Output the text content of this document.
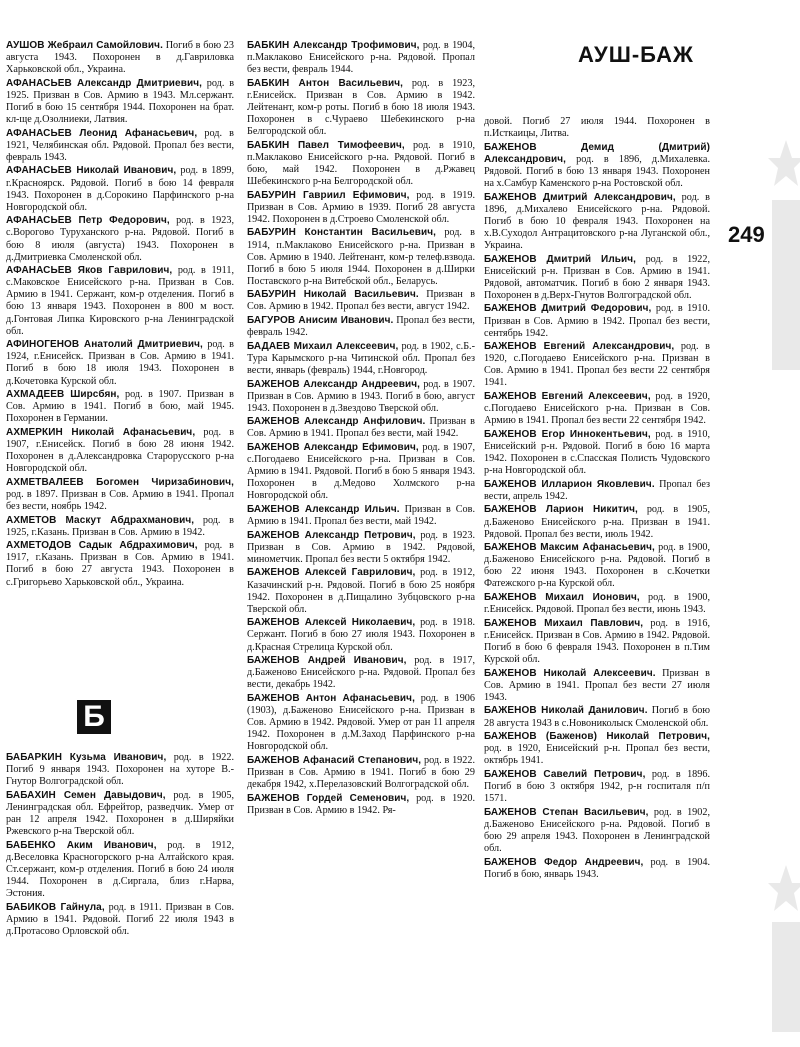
АУШ-БАЖ
249
АУШОВ Жебраил Самойлович. Погиб в бою 23 августа 1943. Похоронен в д.Гавриловка Харьковской обл., Украина.
АФАНАСЬЕВ Александр Дмитриевич, род. в 1925. Призван в Сов. Армию в 1943. Мл.сержант. Погиб в бою 15 сентября 1944. Похоронен на брат. кл-ще д.Озолниеки, Латвия.
АФАНАСЬЕВ Леонид Афанасьевич, род. в 1921, Челябинская обл. Рядовой. Пропал без вести, февраль 1943.
АФАНАСЬЕВ Николай Иванович, род. в 1899, г.Красноярск. Рядовой. Погиб в бою 14 февраля 1943. Похоронен в д.Сорокино Парфинского р-на Новгородской обл.
АФАНАСЬЕВ Петр Федорович, род. в 1923, с.Ворогово Туруханского р-на. Рядовой. Погиб в бою 8 июля (августа) 1943. Похоронен в д.Дмитриевка Смоленской обл.
АФАНАСЬЕВ Яков Гаврилович, род. в 1911, с.Маковское Енисейского р-на. Призван в Сов. Армию в 1941. Сержант, ком-р отделения. Погиб в бою 13 января 1943. Похоронен в 800 м вост. д.Гонтовая Липка Кировского р-на Ленинградской обл.
АФИНОГЕНОВ Анатолий Дмитриевич, род. в 1924, г.Енисейск. Призван в Сов. Армию в 1941. Погиб в бою 18 июля 1943. Похоронен в д.Кочетовка Курской обл.
АХМАДЕЕВ Ширсбян, род. в 1907. Призван в Сов. Армию в 1941. Погиб в бою, май 1945. Похоронен в Германии.
АХМЕРКИН Николай Афанасьевич, род. в 1907, г.Енисейск. Погиб в бою 28 июня 1942. Похоронен в д.Александровка Старорусского р-на Новгородской обл.
АХМЕТВАЛЕЕВ Богомен Чиризабинович, род. в 1897. Призван в Сов. Армию в 1941. Пропал без вести, ноябрь 1942.
АХМЕТОВ Маскут Абдрахманович, род. в 1925, г.Казань. Призван в Сов. Армию в 1942.
АХМЕТОДОВ Садык Абдрахимович, род. в 1917, г.Казань. Призван в Сов. Армию в 1941. Погиб в бою 27 августа 1943. Похоронен в с.Григорьево Харьковской обл., Украина.
Б
БАБАРКИН Кузьма Иванович, род. в 1922. Погиб 9 января 1943. Похоронен на хуторе В.-Гнутор Волгоградской обл.
БАБАХИН Семен Давыдович, род. в 1905, Ленинградская обл. Ефрейтор, разведчик. Умер от ран 12 апреля 1942. Похоронен в д.Ширяйки Ржевского р-на Тверской обл.
БАБЕНКО Аким Иванович, род. в 1912, д.Веселовка Красногорского р-на Алтайского края. Ст.сержант, ком-р отделения. Погиб в бою 24 июля 1944. Похоронен в д.Сиргала, близ г.Нарва, Эстония.
БАБИКОВ Гайнула, род. в 1911. Призван в Сов. Армию в 1941. Рядовой. Погиб 22 июля 1943 в д.Протасово Орловской обл.
БАБКИН Александр Трофимович, род. в 1904, п.Маклаково Енисейского р-на. Рядовой. Пропал без вести, февраль 1944.
БАБКИН Антон Васильевич, род. в 1923, г.Енисейск. Призван в Сов. Армию в 1942. Лейтенант, ком-р роты. Погиб в бою 18 июля 1943. Похоронен в с.Чураево Шебекинского р-на Белгородской обл.
БАБКИН Павел Тимофеевич, род. в 1910, п.Маклаково Енисейского р-на. Рядовой. Погиб в бою, май 1942. Похоронен в д.Ржавец Шебекинского р-на Белгородской обл.
БАБУРИН Гавриил Ефимович, род. в 1919. Призван в Сов. Армию в 1939. Погиб 28 августа 1942. Похоронен в д.Строево Смоленской обл.
БАБУРИН Константин Васильевич, род. в 1914, п.Маклаково Енисейского р-на. Призван в Сов. Армию в 1940. Лейтенант, ком-р телеф.взвода. Погиб в бою 5 июля 1944. Похоронен в д.Ширки Поставского р-на Витебской обл., Беларусь.
БАБУРИН Николай Васильевич. Призван в Сов. Армию в 1942. Пропал без вести, август 1942.
БАГУРОВ Анисим Иванович. Пропал без вести, февраль 1942.
БАДАЕВ Михаил Алексеевич, род. в 1902, с.Б.-Тура Карымского р-на Читинской обл. Пропал без вести, январь (февраль) 1944, г.Новгород.
БАЖЕНОВ Александр Андреевич, род. в 1907. Призван в Сов. Армию в 1943. Погиб в бою, август 1943. Похоронен в д.Звездово Тверской обл.
БАЖЕНОВ Александр Анфилович. Призван в Сов. Армию в 1941. Пропал без вести, май 1942.
БАЖЕНОВ Александр Ефимович, род. в 1907, с.Погодаево Енисейского р-на. Призван в Сов. Армию в 1941. Рядовой. Погиб в бою 5 января 1943. Похоронен в д.Медово Холмского р-на Новгородской обл.
БАЖЕНОВ Александр Ильич. Призван в Сов. Армию в 1941. Пропал без вести, май 1942.
БАЖЕНОВ Александр Петрович, род. в 1923. Призван в Сов. Армию в 1942. Рядовой, минометчик. Пропал без вести 5 октября 1942.
БАЖЕНОВ Алексей Гаврилович, род. в 1912, Казачинский р-н. Рядовой. Погиб в бою 25 ноября 1942. Похоронен в д.Пищалино Зубцовского р-на Тверской обл.
БАЖЕНОВ Алексей Николаевич, род. в 1918. Сержант. Погиб в бою 27 июля 1943. Похоронен в д.Красная Стрелица Курской обл.
БАЖЕНОВ Андрей Иванович, род. в 1917, д.Баженово Енисейского р-на. Рядовой. Пропал без вести, декабрь 1942.
БАЖЕНОВ Антон Афанасьевич, род. в 1906 (1903), д.Баженово Енисейского р-на. Призван в Сов. Армию в 1942. Рядовой. Умер от ран 11 апреля 1942. Похоронен в д.М.Заход Парфинского р-на Новгородской обл.
БАЖЕНОВ Афанасий Степанович, род. в 1922. Призван в Сов. Армию в 1941. Погиб в бою 29 декабря 1942, х.Перелазовский Волгоградской обл.
БАЖЕНОВ Гордей Семенович, род. в 1920. Призван в Сов. Армию в 1942. Ря-
довой. Погиб 27 июля 1944. Похоронен в п.Исткаицы, Литва.
БАЖЕНОВ Демид (Дмитрий) Александрович, род. в 1896, д.Михалевка. Рядовой. Погиб в бою 13 января 1943. Похоронен на х.Самбур Каменского р-на Ростовской обл.
БАЖЕНОВ Дмитрий Александрович, род. в 1896, д.Михалево Енисейского р-на. Рядовой. Погиб в бою 10 февраля 1943. Похоронен на х.В.Суходол Антрацитовского р-на Луганской обл., Украина.
БАЖЕНОВ Дмитрий Ильич, род. в 1922, Енисейский р-н. Призван в Сов. Армию в 1941. Рядовой, автоматчик. Погиб в бою 2 января 1943. Похоронен в д.Верх-Гнутов Волгоградской обл.
БАЖЕНОВ Дмитрий Федорович, род. в 1910. Призван в Сов. Армию в 1942. Пропал без вести, сентябрь 1942.
БАЖЕНОВ Евгений Александрович, род. в 1920, с.Погодаево Енисейского р-на. Призван в Сов. Армию в 1941. Пропал без вести 22 сентября 1941.
БАЖЕНОВ Евгений Алексеевич, род. в 1920, с.Погодаево Енисейского р-на. Призван в Сов. Армию в 1941. Пропал без вести 22 сентября 1942.
БАЖЕНОВ Егор Иннокентьевич, род. в 1910, Енисейский р-н. Рядовой. Погиб в бою 16 марта 1942. Похоронен в с.Спасская Полисть Чудовского р-на Новгородской обл.
БАЖЕНОВ Илларион Яковлевич. Пропал без вести, апрель 1942.
БАЖЕНОВ Ларион Никитич, род. в 1905, д.Баженово Енисейского р-на. Призван в 1941. Рядовой. Пропал без вести, июль 1942.
БАЖЕНОВ Максим Афанасьевич, род. в 1900, д.Баженово Енисейского р-на. Рядовой. Погиб в бою 22 июня 1943. Похоронен в с.Кочетки Фатежского р-на Курской обл.
БАЖЕНОВ Михаил Ионович, род. в 1900, г.Енисейск. Рядовой. Пропал без вести, июнь 1943.
БАЖЕНОВ Михаил Павлович, род. в 1916, г.Енисейск. Призван в Сов. Армию в 1942. Рядовой. Погиб в бою 6 февраля 1943. Похоронен в п.Тим Курской обл.
БАЖЕНОВ Николай Алексеевич. Призван в Сов. Армию в 1941. Пропал без вести 27 июля 1943.
БАЖЕНОВ Николай Данилович. Погиб в бою 28 августа 1943 в с.Новониколыск Смоленской обл.
БАЖЕНОВ (Баженов) Николай Петрович, род. в 1920, Енисейский р-н. Пропал без вести, октябрь 1941.
БАЖЕНОВ Савелий Петрович, род. в 1896. Погиб в бою 3 октября 1942, р-н госпиталя п/п 1571.
БАЖЕНОВ Степан Васильевич, род. в 1902, д.Баженово Енисейского р-на. Рядовой. Погиб в бою 29 апреля 1943. Похоронен в Ленинградской обл.
БАЖЕНОВ Федор Андреевич, род. в 1904. Погиб в бою, январь 1943.
